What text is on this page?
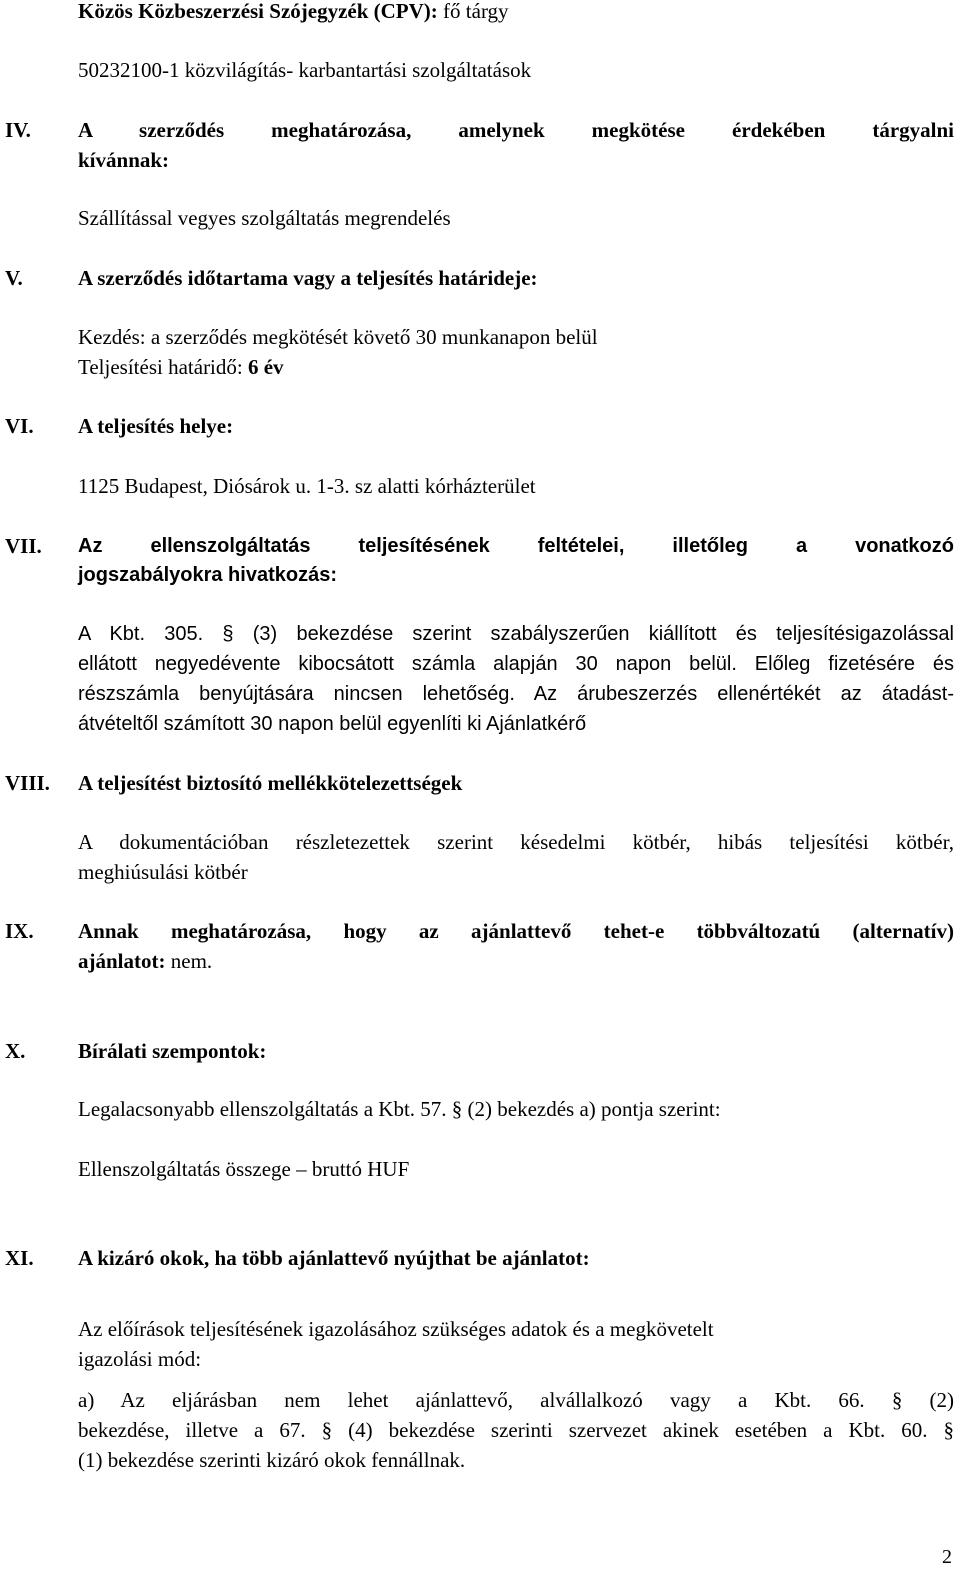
Közös Közbeszerzési Szójegyzék (CPV): fő tárgy
50232100-1 közvilágítás- karbantartási szolgáltatások
IV. A szerződés meghatározása, amelynek megkötése érdekében tárgyalni
kívánnak:
Szállítással vegyes szolgáltatás megrendelés
V.	A szerződés időtartama vagy a teljesítés határideje:
Kezdés: a szerződés megkötését követő 30 munkanapon belül
Teljesítési határidő: 6 év
VI. A teljesítés helye:
1125 Budapest, Diósárok u. 1-3. sz alatti kórházterület
VII. Az ellenszolgáltatás teljesítésének feltételei, illetőleg a vonatkozó
jogszabályokra hivatkozás:
A Kbt. 305. § (3) bekezdése szerint szabályszerűen kiállított és teljesítésigazolással
ellátott negyedévente kibocsátott számla alapján 30 napon belül. Előleg fizetésére és
részszámla benyújtására nincsen lehetőség. Az árubeszerzés ellenértékét az átadást-
átvételtől számított 30 napon belül egyenlíti ki Ajánlatkérő
VIII. A teljesítést biztosító mellékkötelezettségek
A dokumentációban részletezettek szerint késedelmi kötbér, hibás teljesítési kötbér,
meghiúsulási kötbér
IX. Annak meghatározása, hogy az ajánlattevő tehet-e többváltozatú (alternatív)
ajánlatot: nem.
X.	Bírálati szempontok:
Legalacsonyabb ellenszolgáltatás a Kbt. 57. § (2) bekezdés a) pontja szerint:
Ellenszolgáltatás összege – bruttó HUF
XI. A kizáró okok, ha több ajánlattevő nyújthat be ajánlatot:
Az előírások teljesítésének igazolásához szükséges adatok és a megkövetelt
igazolási mód:
a) Az eljárásban nem lehet ajánlattevő, alvállalkozó vagy a Kbt. 66. § (2)
bekezdése, illetve a 67. § (4) bekezdése szerinti szervezet akinek esetében a Kbt. 60. §
(1) bekezdése szerinti kizáró okok fennállnak.
2
